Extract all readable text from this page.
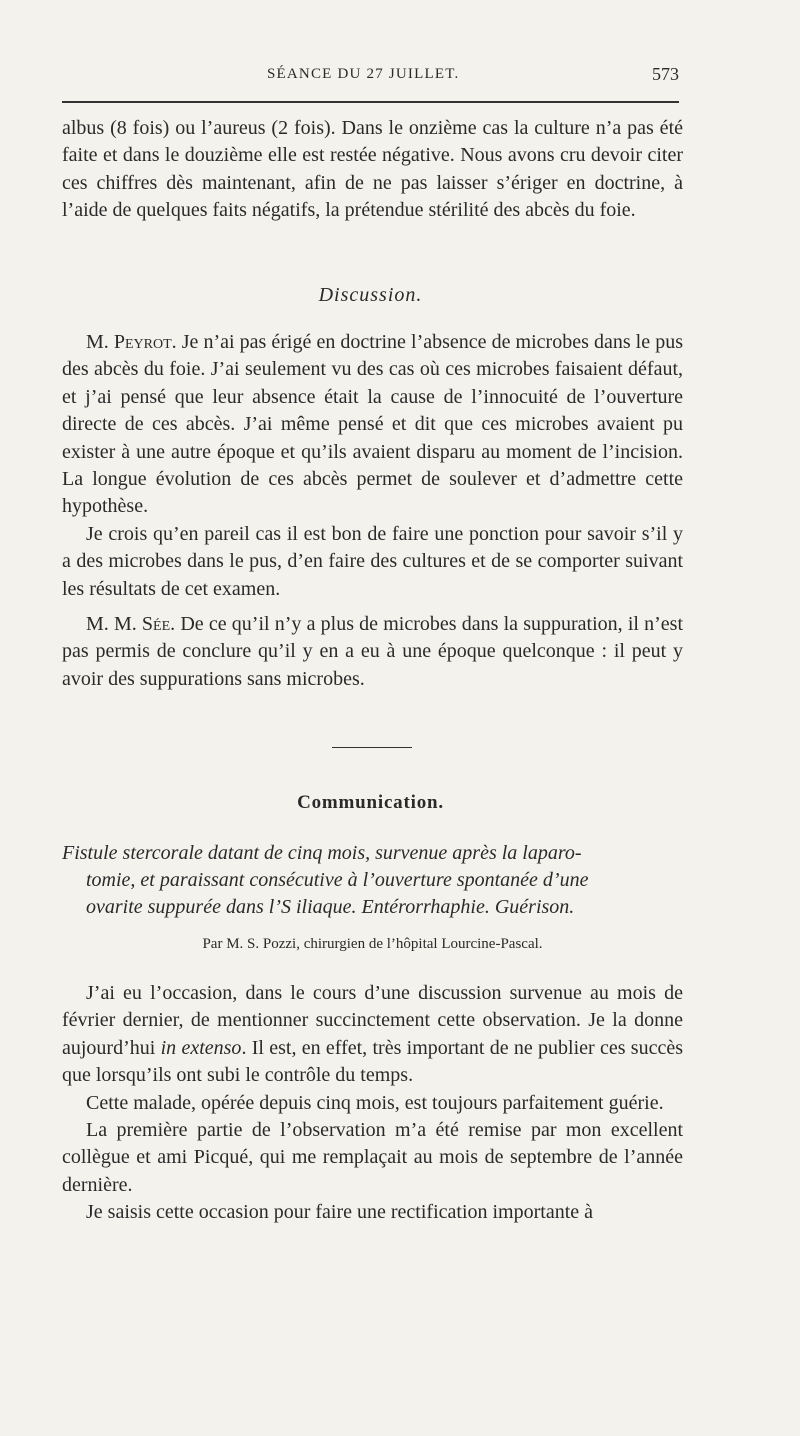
SÉANCE DU 27 JUILLET.	573

albus (8 fois) ou l’aureus (2 fois). Dans le onzième cas la culture n’a pas été faite et dans le douzième elle est restée négative. Nous avons cru devoir citer ces chiffres dès maintenant, afin de ne pas laisser s’ériger en doctrine, à l’aide de quelques faits négatifs, la prétendue stérilité des abcès du foie.

Discussion.

M. Peyrot. Je n’ai pas érigé en doctrine l’absence de microbes dans le pus des abcès du foie. J’ai seulement vu des cas où ces microbes faisaient défaut, et j’ai pensé que leur absence était la cause de l’innocuité de l’ouverture directe de ces abcès. J’ai même pensé et dit que ces microbes avaient pu exister à une autre époque et qu’ils avaient disparu au moment de l’incision. La longue évolution de ces abcès permet de soulever et d’admettre cette hypothèse.

Je crois qu’en pareil cas il est bon de faire une ponction pour savoir s’il y a des microbes dans le pus, d’en faire des cultures et de se comporter suivant les résultats de cet examen.

M. M. Sée. De ce qu’il n’y a plus de microbes dans la suppuration, il n’est pas permis de conclure qu’il y en a eu à une époque quelconque : il peut y avoir des suppurations sans microbes.

Communication.
Fistule stercorale datant de cinq mois, survenue après la laparo-
tomie, et paraissant consécutive à l’ouverture spontanée d’une
ovarite suppurée dans l’S iliaque. Entérorrhaphie. Guérison.
Par M. S. Pozzi, chirurgien de l’hôpital Lourcine-Pascal.

J’ai eu l’occasion, dans le cours d’une discussion survenue au mois de février dernier, de mentionner succinctement cette observation. Je la donne aujourd’hui in extenso. Il est, en effet, très important de ne publier ces succès que lorsqu’ils ont subi le contrôle du temps.

Cette malade, opérée depuis cinq mois, est toujours parfaitement guérie.

La première partie de l’observation m’a été remise par mon excellent collègue et ami Picqué, qui me remplaçait au mois de septembre de l’année dernière.

Je saisis cette occasion pour faire une rectification importante à
